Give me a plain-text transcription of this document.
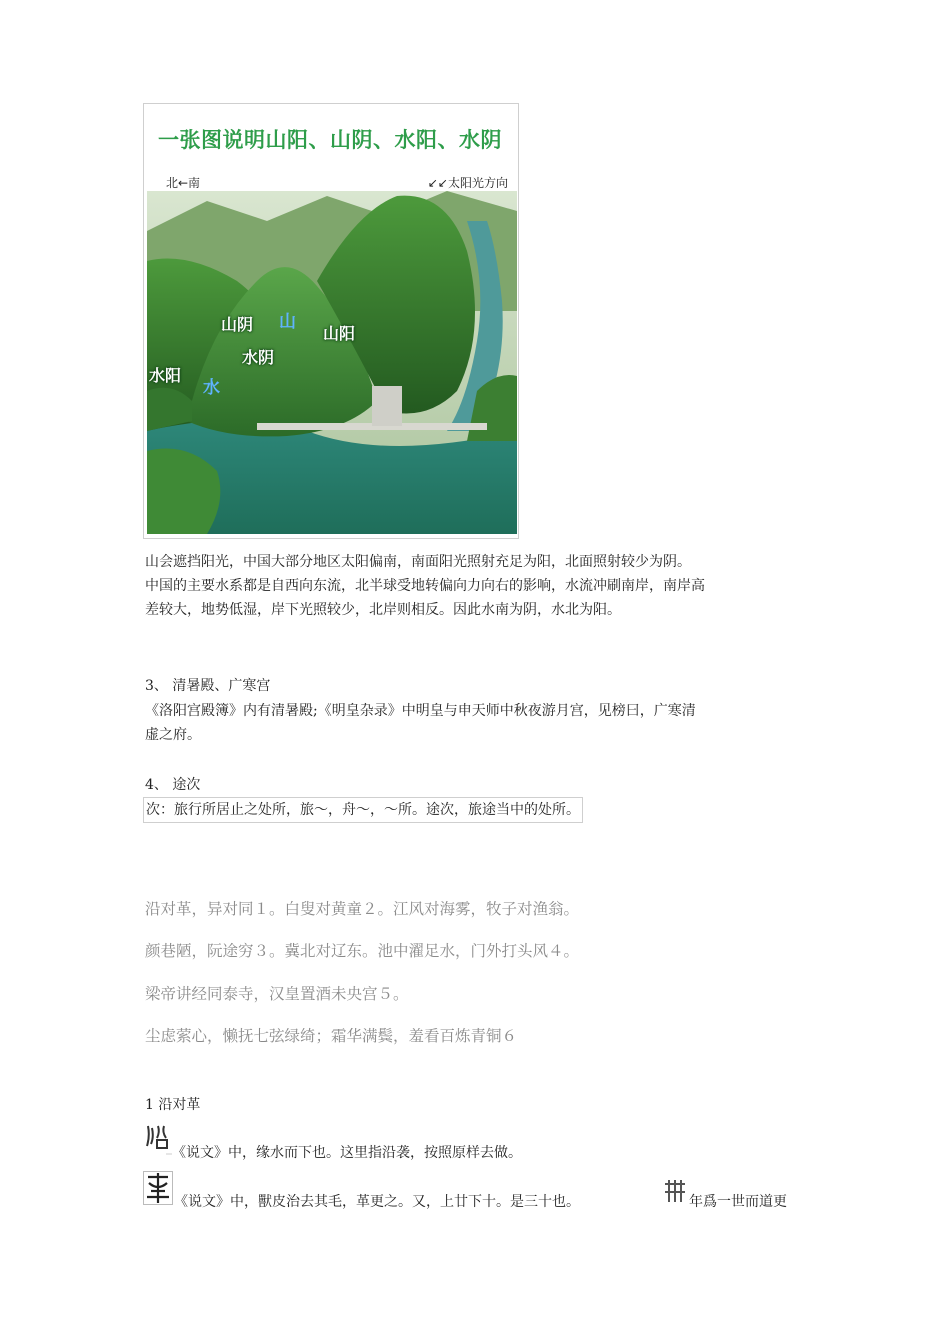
一张图说明山阳、山阴、水阳、水阴
北←南	↙↙太阳光方向
山阴 山
山阳
水阴
水阳
水
山会遮挡阳光，中国大部分地区太阳偏南，南面阳光照射充足为阳，北面照射较少为阴。
中国的主要水系都是自西向东流，北半球受地转偏向力向右的影响，水流冲刷南岸，南岸高
差较大，地势低湿，岸下光照较少，北岸则相反。因此水南为阴，水北为阳。
3、 清暑殿、广寒宫
《洛阳宫殿簿》内有清暑殿;《明皇杂录》中明皇与申天师中秋夜游月宫，见榜曰，广寒清
虚之府。
4、 途次
次：旅行所居止之处所，旅～，舟～，～所。途次，旅途当中的处所。
沿对革，异对同１。白叟对黄童２。江风对海雾，牧子对渔翁。
颜巷陋，阮途穷３。冀北对辽东。池中濯足水，门外打头风４。
梁帝讲经同泰寺，汉皇置酒未央宫５。
尘虑萦心，懒抚七弦绿绮；霜华满鬓，羞看百炼青铜６
1 沿对革
《说文》中，缘水而下也。这里指沿袭，按照原样去做。
《说文》中，獸皮治去其毛，革更之。又，上廿下十。是三十也。	年爲一世而道更
